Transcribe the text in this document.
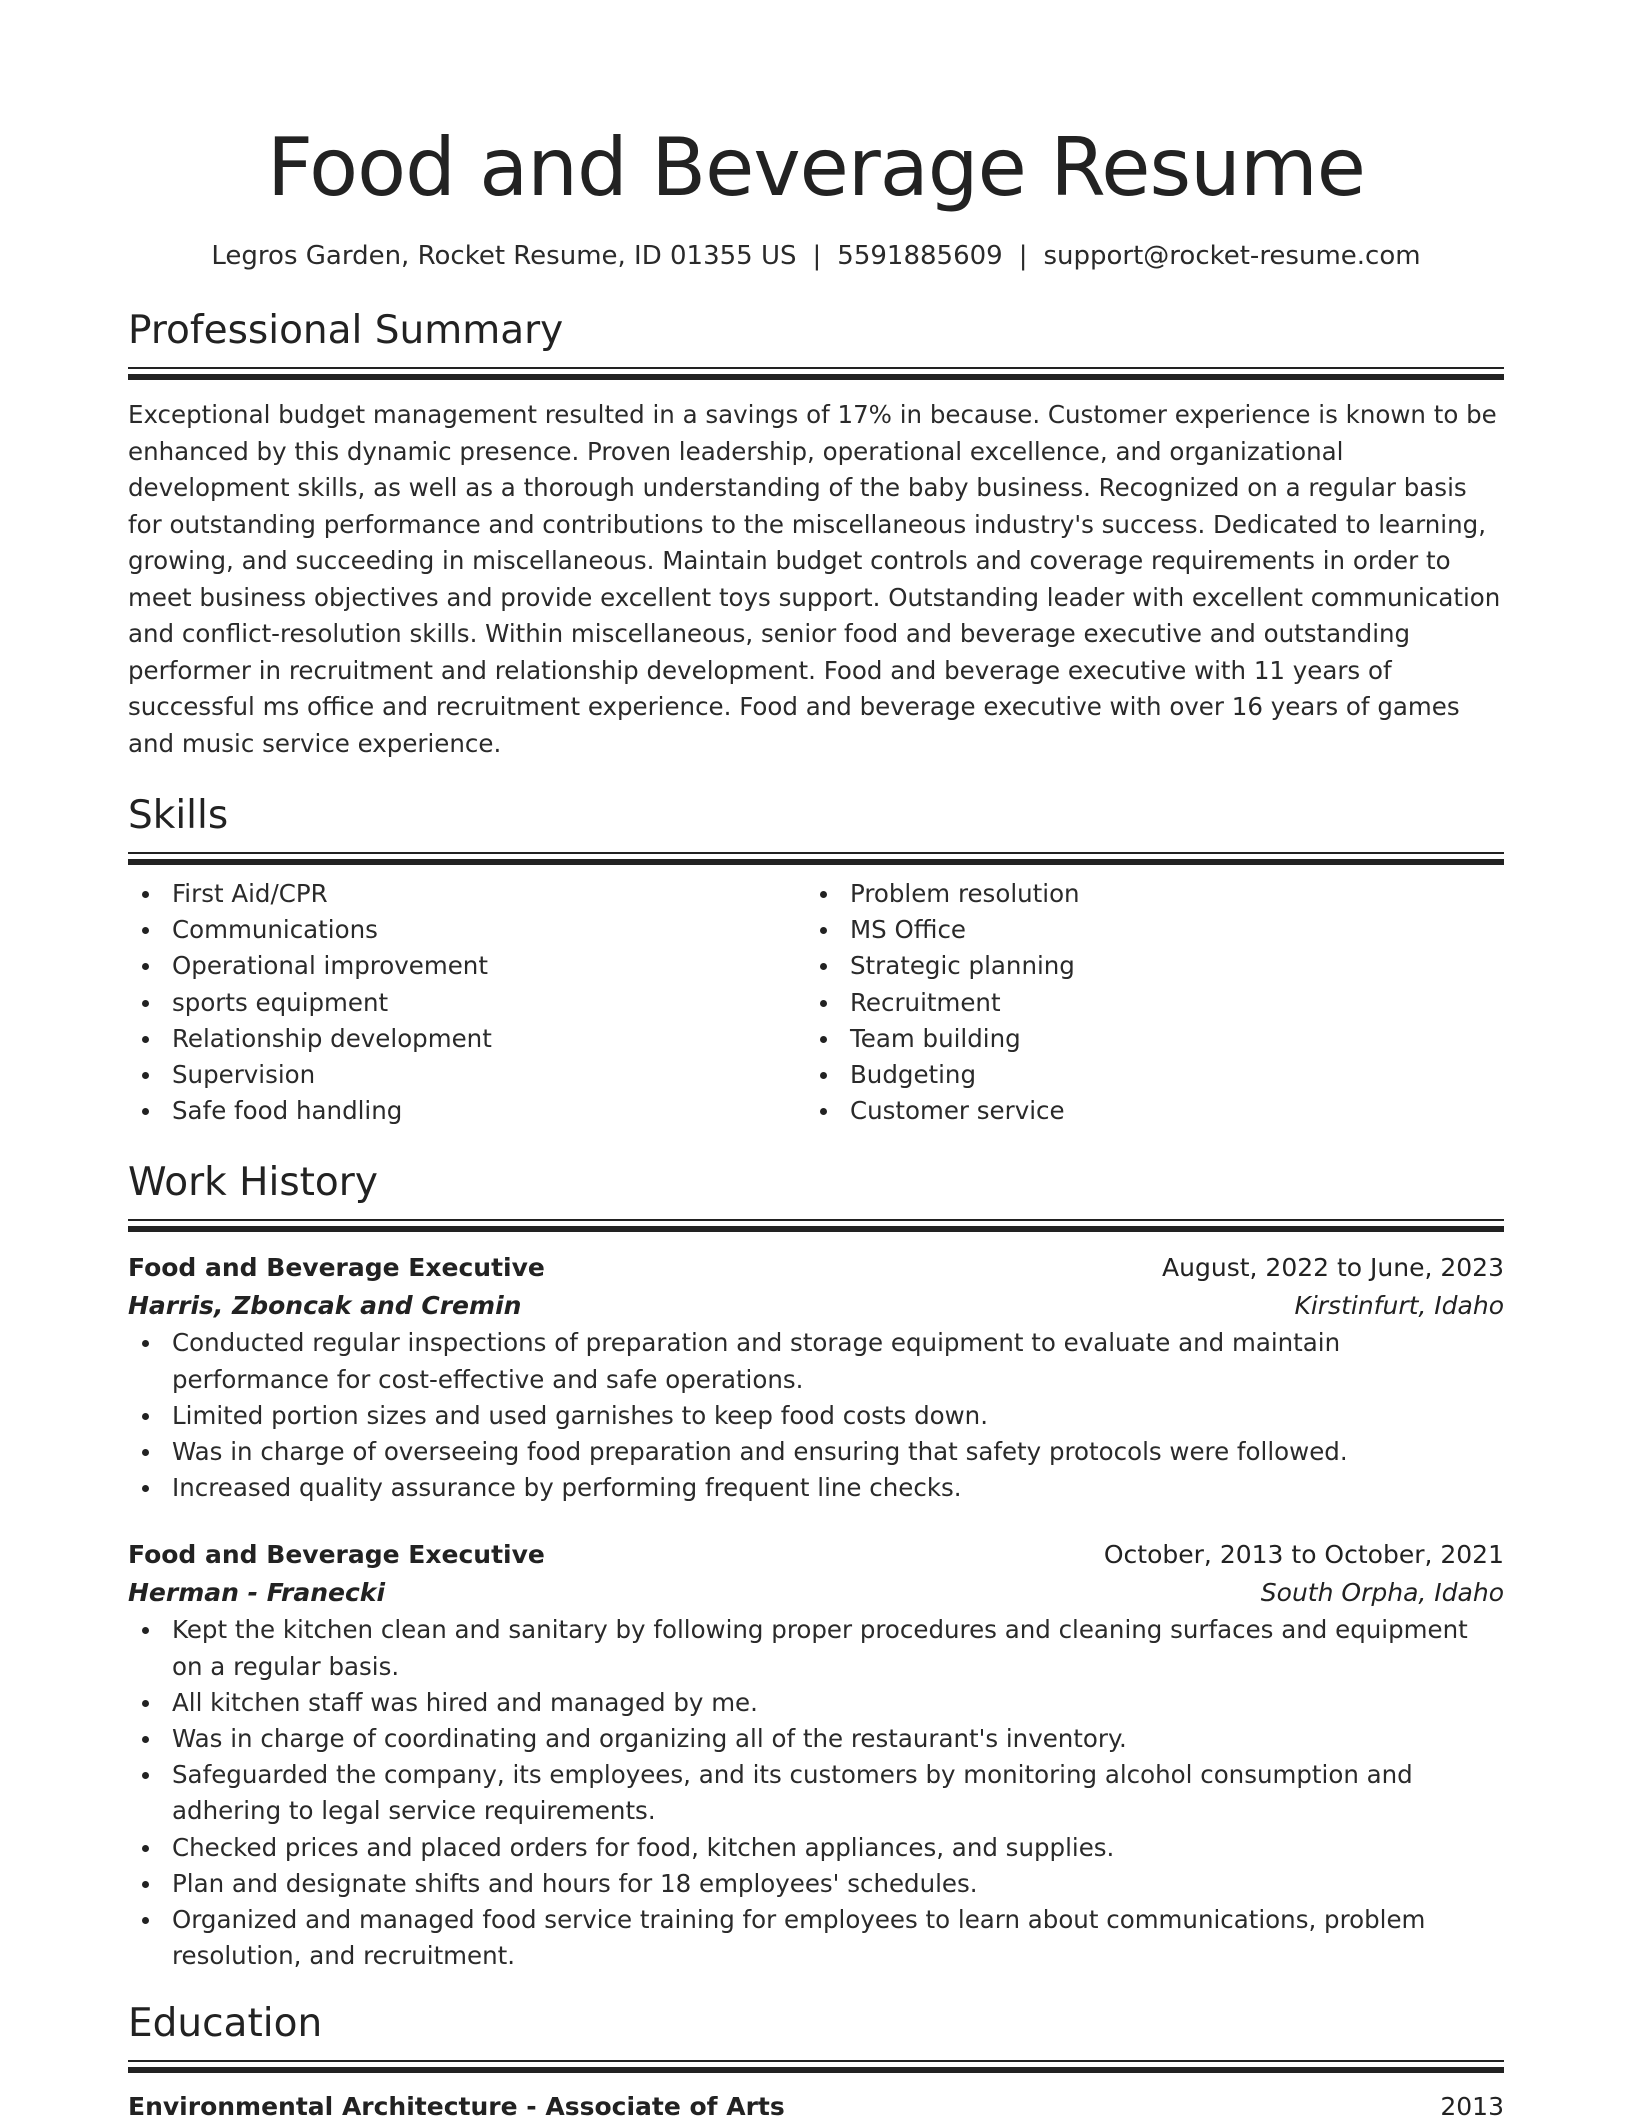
Food and Beverage Resume
Legros Garden, Rocket Resume, ID 01355 US | 5591885609 | support@rocket-resume.com
Professional Summary
Exceptional budget management resulted in a savings of 17% in because. Customer experience is known to be enhanced by this dynamic presence. Proven leadership, operational excellence, and organizational development skills, as well as a thorough understanding of the baby business. Recognized on a regular basis for outstanding performance and contributions to the miscellaneous industry's success. Dedicated to learning, growing, and succeeding in miscellaneous. Maintain budget controls and coverage requirements in order to meet business objectives and provide excellent toys support. Outstanding leader with excellent communication and conflict-resolution skills. Within miscellaneous, senior food and beverage executive and outstanding performer in recruitment and relationship development. Food and beverage executive with 11 years of successful ms office and recruitment experience. Food and beverage executive with over 16 years of games and music service experience.
Skills
First Aid/CPR
Communications
Operational improvement
sports equipment
Relationship development
Supervision
Safe food handling
Problem resolution
MS Office
Strategic planning
Recruitment
Team building
Budgeting
Customer service
Work History
Food and Beverage Executive	August, 2022 to June, 2023
Harris, Zboncak and Cremin	Kirstinfurt, Idaho
Conducted regular inspections of preparation and storage equipment to evaluate and maintain performance for cost-effective and safe operations.
Limited portion sizes and used garnishes to keep food costs down.
Was in charge of overseeing food preparation and ensuring that safety protocols were followed.
Increased quality assurance by performing frequent line checks.
Food and Beverage Executive	October, 2013 to October, 2021
Herman - Franecki	South Orpha, Idaho
Kept the kitchen clean and sanitary by following proper procedures and cleaning surfaces and equipment on a regular basis.
All kitchen staff was hired and managed by me.
Was in charge of coordinating and organizing all of the restaurant's inventory.
Safeguarded the company, its employees, and its customers by monitoring alcohol consumption and adhering to legal service requirements.
Checked prices and placed orders for food, kitchen appliances, and supplies.
Plan and designate shifts and hours for 18 employees' schedules.
Organized and managed food service training for employees to learn about communications, problem resolution, and recruitment.
Education
Environmental Architecture - Associate of Arts	2013
